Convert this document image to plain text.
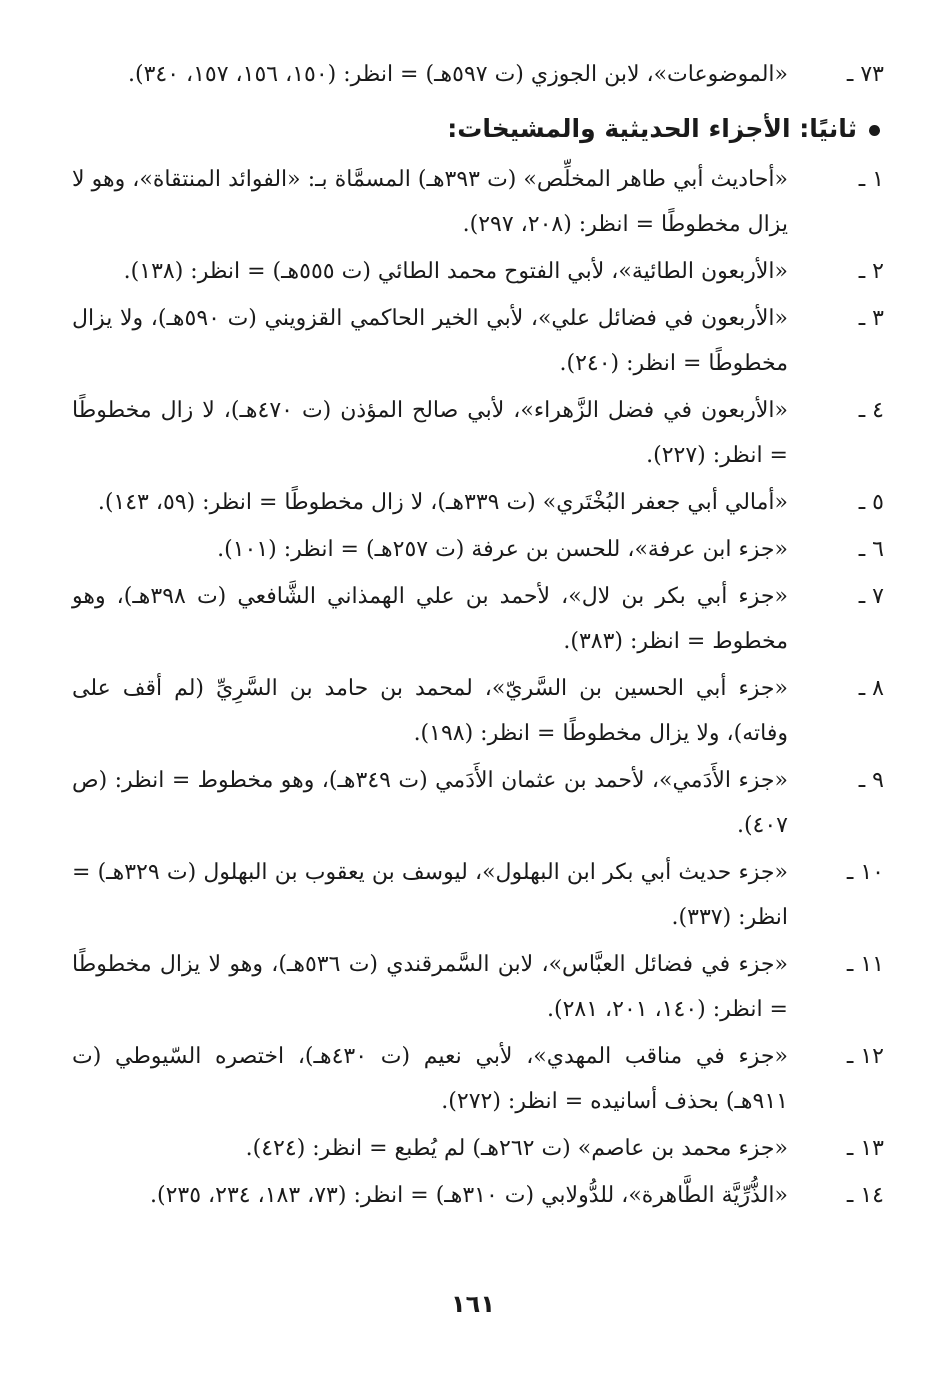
٧٣ ـ
«الموضوعات»، لابن الجوزي (ت ٥٩٧هـ) = انظر: (١٥٠، ١٥٦، ١٥٧، ٣٤٠).
ثانيًا: الأجزاء الحديثية والمشيخات:
١ ـ
«أحاديث أبي طاهر المخلِّص» (ت ٣٩٣هـ) المسمَّاة بـ: «الفوائد المنتقاة»، وهو لا يزال مخطوطًا = انظر: (٢٠٨، ٢٩٧).
٢ ـ
«الأربعون الطائية»، لأبي الفتوح محمد الطائي (ت ٥٥٥هـ) = انظر: (١٣٨).
٣ ـ
«الأربعون في فضائل علي»، لأبي الخير الحاكمي القزويني (ت ٥٩٠هـ)، ولا يزال مخطوطًا = انظر: (٢٤٠).
٤ ـ
«الأربعون في فضل الزَّهراء»، لأبي صالح المؤذن (ت ٤٧٠هـ)، لا زال مخطوطًا = انظر: (٢٢٧).
٥ ـ
«أمالي أبي جعفر البُخْتَري» (ت ٣٣٩هـ)، لا زال مخطوطًا = انظر: (٥٩، ١٤٣).
٦ ـ
«جزء ابن عرفة»، للحسن بن عرفة (ت ٢٥٧هـ) = انظر: (١٠١).
٧ ـ
«جزء أبي بكر بن لال»، لأحمد بن علي الهمذاني الشَّافعي (ت ٣٩٨هـ)، وهو مخطوط = انظر: (٣٨٣).
٨ ـ
«جزء أبي الحسين بن السَّريّ»، لمحمد بن حامد بن السَّرِيِّ (لم أقف على وفاته)، ولا يزال مخطوطًا = انظر: (١٩٨).
٩ ـ
«جزء الأَدَمي»، لأحمد بن عثمان الأَدَمي (ت ٣٤٩هـ)، وهو مخطوط = انظر: (ص ٤٠٧).
١٠ ـ
«جزء حديث أبي بكر ابن البهلول»، ليوسف بن يعقوب بن البهلول (ت ٣٢٩هـ) = انظر: (٣٣٧).
١١ ـ
«جزء في فضائل العبَّاس»، لابن السَّمرقندي (ت ٥٣٦هـ)، وهو لا يزال مخطوطًا = انظر: (١٤٠، ٢٠١، ٢٨١).
١٢ ـ
«جزء في مناقب المهدي»، لأبي نعيم (ت ٤٣٠هـ)، اختصره السّيوطي (ت ٩١١هـ) بحذف أسانيده = انظر: (٢٧٢).
١٣ ـ
«جزء محمد بن عاصم» (ت ٢٦٢هـ) لم يُطبع = انظر: (٤٢٤).
١٤ ـ
«الذُّرِّيَّة الطَّاهرة»، للدُّولابي (ت ٣١٠هـ) = انظر: (٧٣، ١٨٣، ٢٣٤، ٢٣٥).
١٦١
